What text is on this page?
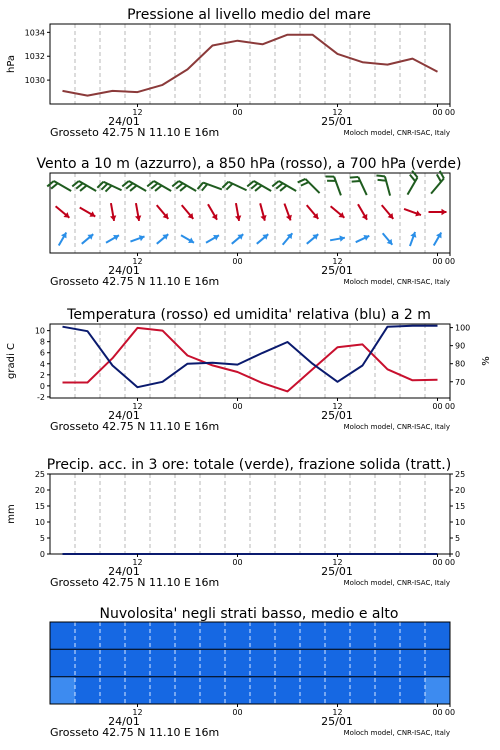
Pressione al livello medio del mare
1030
1032
1034
hPa
12	00	12	00 00
24/01	25/01
Grosseto 42.75 N 11.10 E 16m	Moloch model, CNR-ISAC, Italy
Vento a 10 m (azzurro), a 850 hPa (rosso), a 700 hPa (verde)
12	00	12	00 00
24/01	25/01
Grosseto 42.75 N 11.10 E 16m	Moloch model, CNR-ISAC, Italy
Temperatura (rosso) ed umidita' relativa (blu) a 2 m
-2
0
2
4
6
8
10
70
80
90
100
gradi C	%
12	00	12	00 00
24/01	25/01
Grosseto 42.75 N 11.10 E 16m	Moloch model, CNR-ISAC, Italy
Precip. acc. in 3 ore: totale (verde), frazione solida (tratt.)
0
5
10
15
20
25
0
5
10
15
20
25
mm
12	00	12	00 00
24/01	25/01
Grosseto 42.75 N 11.10 E 16m	Moloch model, CNR-ISAC, Italy
Nuvolosita' negli strati basso, medio e alto
12	00	12	00 00
24/01	25/01
Grosseto 42.75 N 11.10 E 16m	Moloch model, CNR-ISAC, Italy
